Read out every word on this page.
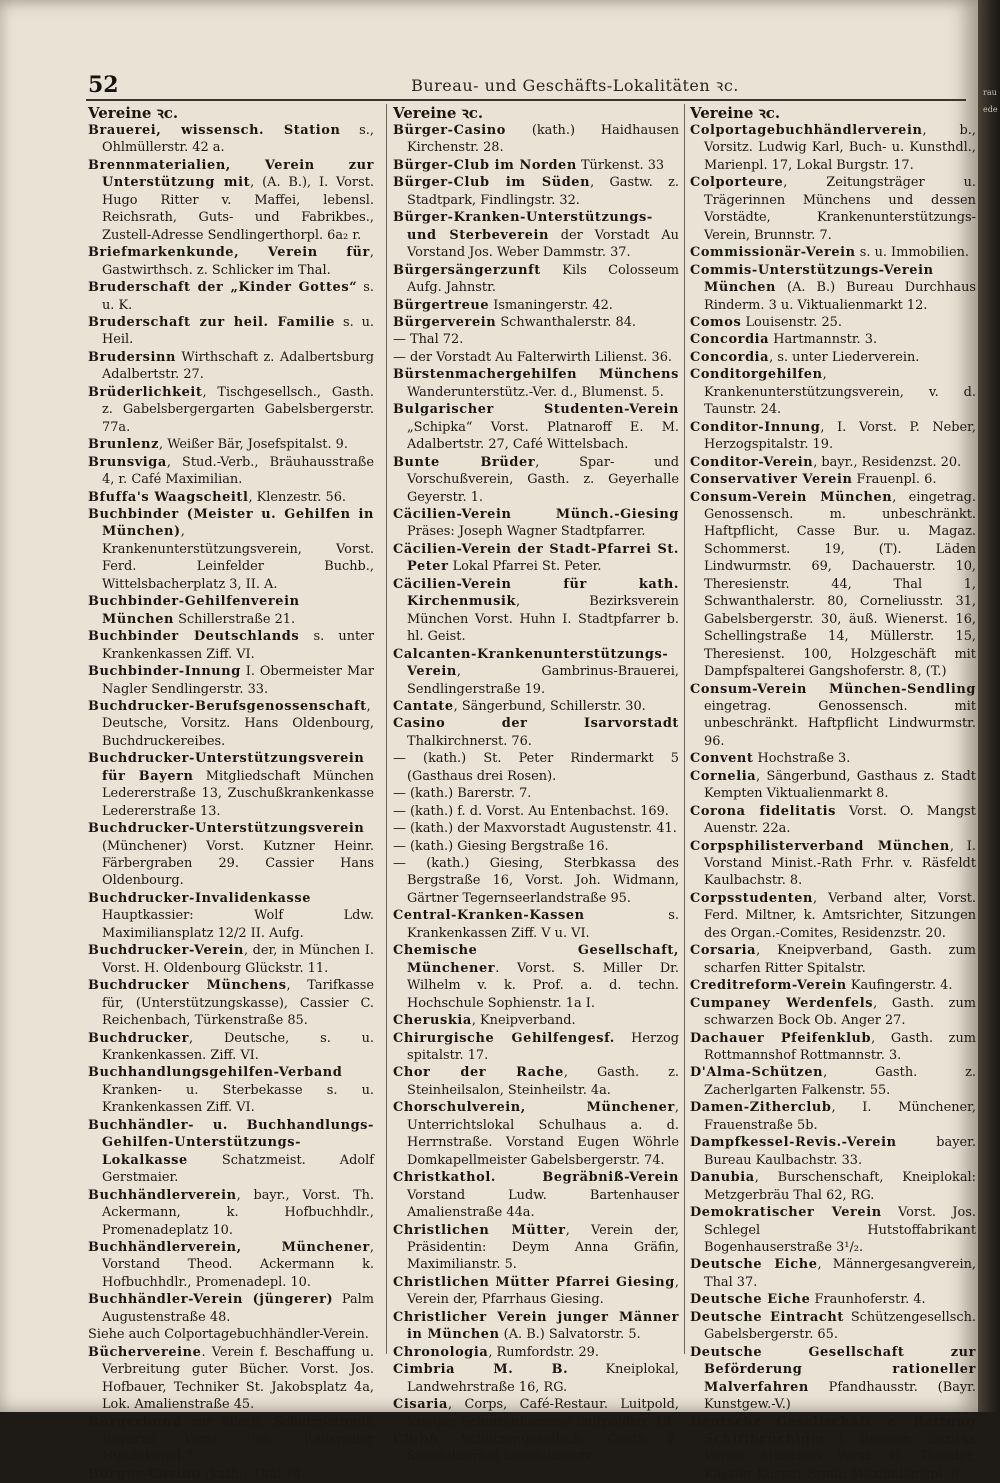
52	Bureau- und Geschäfts-Lokalitäten ꝛc.
Vereine ꝛc.
Brauerei, wissensch. Station s., Ohlmüllerstr. 42 a.
Brennmaterialien, Verein zur Unterstützung mit, (A. B.), I. Vorst. Hugo Ritter v. Maffei, lebensl. Reichsrath, Guts- und Fabrikbes., Zustell-Adresse Sendlingerthorpl. 6a₂ r.
Briefmarkenkunde, Verein für, Gastwirthsch. z. Schlicker im Thal.
Bruderschaft der „Kinder Gottes“ s. u. K.
Bruderschaft zur heil. Familie s. u. Heil.
Brudersinn Wirthschaft z. Adalbertsburg Adalbertstr. 27.
Brüderlichkeit, Tischgesellsch., Gasth. z. Gabelsbergergarten Gabelsbergerstr. 77a.
Brunlenz, Weißer Bär, Josefspitalst. 9.
Brunsviga, Stud.-Verb., Bräuhausstraße 4, r. Café Maximilian.
Bfuffa's Waagscheitl, Klenzestr. 56.
Buchbinder (Meister u. Gehilfen in München), Krankenunterstützungsverein, Vorst. Ferd. Leinfelder Buchb., Wittelsbacherplatz 3, II. A.
Buchbinder-Gehilfenverein München Schillerstraße 21.
Buchbinder Deutschlands s. unter Krankenkassen Ziff. VI.
Buchbinder-Innung I. Obermeister Mar Nagler Sendlingerstr. 33.
Buchdrucker-Berufsgenossenschaft, Deutsche, Vorsitz. Hans Oldenbourg, Buchdruckereibes.
Buchdrucker-Unterstützungsverein für Bayern Mitgliedschaft München Ledererstraße 13, Zuschußkrankenkasse Ledererstraße 13.
Buchdrucker-Unterstützungsverein (Münchener) Vorst. Kutzner Heinr. Färbergraben 29. Cassier Hans Oldenbourg.
Buchdrucker-Invalidenkasse Hauptkassier: Wolf Ldw. Maximiliansplatz 12/2 II. Aufg.
Buchdrucker-Verein, der, in München I. Vorst. H. Oldenbourg Glückstr. 11.
Buchdrucker Münchens, Tarifkasse für, (Unterstützungskasse), Cassier C. Reichenbach, Türkenstraße 85.
Buchdrucker, Deutsche, s. u. Krankenkassen. Ziff. VI.
Buchhandlungsgehilfen-Verband Kranken- u. Sterbekasse s. u. Krankenkassen Ziff. VI.
Buchhändler- u. Buchhandlungs-Gehilfen-Unterstützungs-Lokalkasse Schatzmeist. Adolf Gerstmaier.
Buchhändlerverein, bayr., Vorst. Th. Ackermann, k. Hofbuchhdlr., Promenadeplatz 10.
Buchhändlerverein, Münchener, Vorstand Theod. Ackermann k. Hofbuchhdlr., Promenadepl. 10.
Buchhändler-Verein (jüngerer) Palm Augustenstraße 48.
Siehe auch Colportagebuchhändler-Verein.
Büchervereine. Verein f. Beschaffung u. Verbreitung guter Bücher. Vorst. Jos. Hofbauer, Techniker St. Jakobsplatz 4a, Lok. Amalienstraße 45.
Bürgerbund zur allerh. Schutzpatronin Bayerns Vorst. Jos. Radspieler Hundskugel 7.
Bürger-Casino (kath.) Thal 74.
Vereine ꝛc.
Bürger-Casino (kath.) Haidhausen Kirchenstr. 28.
Bürger-Club im Norden Türkenst. 33
Bürger-Club im Süden, Gastw. z. Stadtpark, Findlingstr. 32.
Bürger-Kranken-Unterstützungs- und Sterbeverein der Vorstadt Au Vorstand Jos. Weber Dammstr. 37.
Bürgersängerzunft Kils Colosseum Aufg. Jahnstr.
Bürgertreue Ismaningerstr. 42.
Bürgerverein Schwanthalerstr. 84.
— Thal 72.
— der Vorstadt Au Falterwirth Lilienst. 36.
Bürstenmachergehilfen Münchens Wanderunterstütz.-Ver. d., Blumenst. 5.
Bulgarischer Studenten-Verein „Schipka“ Vorst. Platnaroff E. M. Adalbertstr. 27, Café Wittelsbach.
Bunte Brüder, Spar- und Vorschußverein, Gasth. z. Geyerhalle Geyerstr. 1.
Cäcilien-Verein Münch.-Giesing Präses: Joseph Wagner Stadtpfarrer.
Cäcilien-Verein der Stadt-Pfarrei St. Peter Lokal Pfarrei St. Peter.
Cäcilien-Verein für kath. Kirchenmusik, Bezirksverein München Vorst. Huhn I. Stadtpfarrer b. hl. Geist.
Calcanten-Krankenunterstützungs-Verein, Gambrinus-Brauerei, Sendlingerstraße 19.
Cantate, Sängerbund, Schillerstr. 30.
Casino der Isarvorstadt Thalkirchnerst. 76.
— (kath.) St. Peter Rindermarkt 5 (Gasthaus drei Rosen).
— (kath.) Barerstr. 7.
— (kath.) f. d. Vorst. Au Entenbachst. 169.
— (kath.) der Maxvorstadt Augustenstr. 41.
— (kath.) Giesing Bergstraße 16.
— (kath.) Giesing, Sterbkassa des Bergstraße 16, Vorst. Joh. Widmann, Gärtner Tegernseerlandstraße 95.
Central-Kranken-Kassen s. Krankenkassen Ziff. V u. VI.
Chemische Gesellschaft, Münchener. Vorst. S. Miller Dr. Wilhelm v. k. Prof. a. d. techn. Hochschule Sophienstr. 1a I.
Cheruskia, Kneipverband.
Chirurgische Gehilfengesf. Herzog spitalstr. 17.
Chor der Rache, Gasth. z. Steinheilsalon, Steinheilstr. 4a.
Chorschulverein, Münchener, Unterrichtslokal Schulhaus a. d. Herrnstraße. Vorstand Eugen Wöhrle Domkapellmeister Gabelsbergerstr. 74.
Christkathol. Begräbniß-Verein Vorstand Ludw. Bartenhauser Amalienstraße 44a.
Christlichen Mütter, Verein der, Präsidentin: Deym Anna Gräfin, Maximilianstr. 5.
Christlichen Mütter Pfarrei Giesing, Verein der, Pfarrhaus Giesing.
Christlicher Verein junger Männer in München (A. B.) Salvatorstr. 5.
Chronologia, Rumfordstr. 29.
Cimbria M. B. Kneiplokal, Landwehrstraße 16, RG.
Cisaria, Corps, Café-Restaur. Luitpold, Kneipe: Schottenhammel Luitpoldstr. 13.
Clubb, Schützengesellsch., Gasth. z. Senefelderhof Senefelderstr.
Vereine ꝛc.
Colportagebuchhändlerverein, b., Vorsitz. Ludwig Karl, Buch- u. Kunsthdl., Marienpl. 17, Lokal Burgstr. 17.
Colporteure, Zeitungsträger u. Trägerinnen Münchens und dessen Vorstädte, Krankenunterstützungs-Verein, Brunnstr. 7.
Commissionär-Verein s. u. Immobilien.
Commis-Unterstützungs-Verein München (A. B.) Bureau Durchhaus Rinderm. 3 u. Viktualienmarkt 12.
Comos Louisenstr. 25.
Concordia Hartmannstr. 3.
Concordia, s. unter Liederverein.
Conditorgehilfen, Krankenunterstützungsverein, v. d. Taunstr. 24.
Conditor-Innung, I. Vorst. P. Neber, Herzogspitalstr. 19.
Conditor-Verein, bayr., Residenzst. 20.
Conservativer Verein Frauenpl. 6.
Consum-Verein München, eingetrag. Genossensch. m. unbeschränkt. Haftpflicht, Casse Bur. u. Magaz. Schommerst. 19, (T). Läden Lindwurmstr. 69, Dachauerstr. 10, Theresienstr. 44, Thal 1, Schwanthalerstr. 80, Corneliusstr. 31, Gabelsbergerstr. 30, äuß. Wienerst. 16, Schellingstraße 14, Müllerstr. 15, Theresienst. 100, Holzgeschäft mit Dampfspalterei Gangshoferstr. 8, (T.)
Consum-Verein München-Sendling eingetrag. Genossensch. mit unbeschränkt. Haftpflicht Lindwurmstr. 96.
Convent Hochstraße 3.
Cornelia, Sängerbund, Gasthaus z. Stadt Kempten Viktualienmarkt 8.
Corona fidelitatis Vorst. O. Mangst Auenstr. 22a.
Corpsphilisterverband München, I. Vorstand Minist.-Rath Frhr. v. Räsfeldt Kaulbachstr. 8.
Corpsstudenten, Verband alter, Vorst. Ferd. Miltner, k. Amtsrichter, Sitzungen des Organ.-Comites, Residenzstr. 20.
Corsaria, Kneipverband, Gasth. zum scharfen Ritter Spitalstr.
Creditreform-Verein Kaufingerstr. 4.
Cumpaney Werdenfels, Gasth. zum schwarzen Bock Ob. Anger 27.
Dachauer Pfeifenklub, Gasth. zum Rottmannshof Rottmannstr. 3.
D'Alma-Schützen, Gasth. z. Zacherlgarten Falkenstr. 55.
Damen-Zitherclub, I. Münchener, Frauenstraße 5b.
Dampfkessel-Revis.-Verein bayer. Bureau Kaulbachstr. 33.
Danubia, Burschenschaft, Kneiplokal: Metzgerbräu Thal 62, RG.
Demokratischer Verein Vorst. Jos. Schlegel Hutstoffabrikant Bogenhauserstraße 3¹/₂.
Deutsche Eiche, Männergesangverein, Thal 37.
Deutsche Eiche Fraunhoferstr. 4.
Deutsche Eintracht Schützengesellsch. Gabelsbergerstr. 65.
Deutsche Gesellschaft zur Beförderung rationeller Malverfahren Pfandhausstr. (Bayr. Kunstgew.-V.)
Deutsche Gesellschaft z. Rettung Schiffbrüchiger i. Bremen. Bezirks Verein München Vorst. H. Thaeder, Kassier Kaspar Braun Maximilianspl. 9.
rau ede
